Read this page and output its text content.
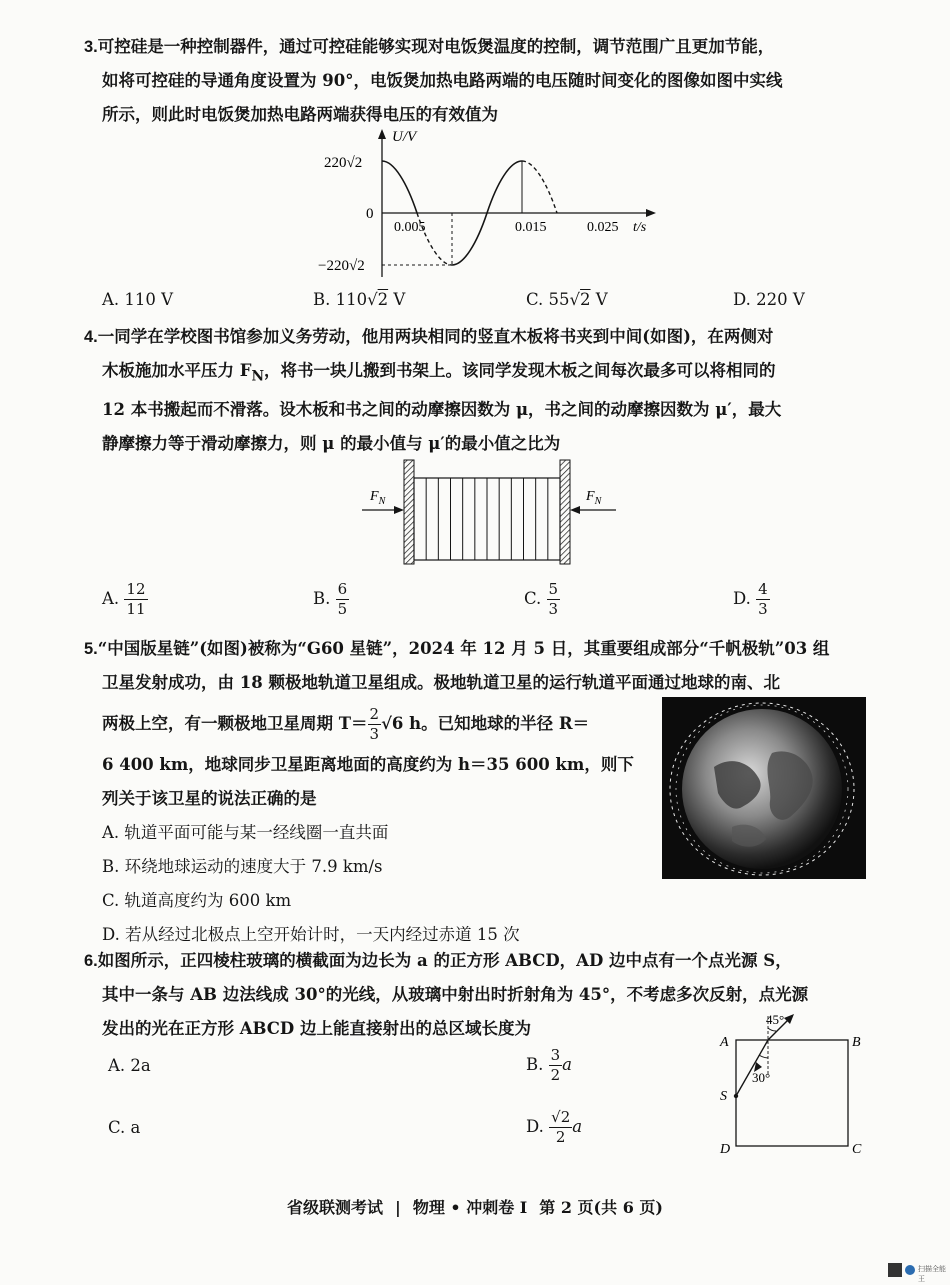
3.可控硅是一种控制器件，通过可控硅能够实现对电饭煲温度的控制，调节范围广且更加节能，
如将可控硅的导通角度设置为 90°，电饭煲加热电路两端的电压随时间变化的图像如图中实线
所示，则此时电饭煲加热电路两端获得电压的有效值为
U/V
220√2
0
−220√2
0.005	0.015	0.025 t/s
A. 110 V	B. 110√2 V	C. 55√2 V	D. 220 V
4.一同学在学校图书馆参加义务劳动，他用两块相同的竖直木板将书夹到中间(如图)，在两侧对
木板施加水平压力 $F_N$，将书一块儿搬到书架上。该同学发现木板之间每次最多可以将相同的
12 本书搬起而不滑落。设木板和书之间的动摩擦因数为 μ，书之间的动摩擦因数为 μ′，最大
静摩擦力等于滑动摩擦力，则 μ 的最小值与 μ′的最小值之比为
$F_N$	$F_N$
A. $\frac{12}{11}$	B. $\frac{6}{5}$	C. $\frac{5}{3}$	D. $\frac{4}{3}$
5.“中国版星链”(如图)被称为“G60 星链”，2024 年 12 月 5 日，其重要组成部分“千帆极轨”03 组
卫星发射成功，由 18 颗极地轨道卫星组成。极地轨道卫星的运行轨道平面通过地球的南、北
两极上空，有一颗极地卫星周期 $T= \frac{2}{3} √6$ h。已知地球的半径 R＝
6 400 km，地球同步卫星距离地面的高度约为 h＝35 600 km，则下
列关于该卫星的说法正确的是
A. 轨道平面可能与某一经线圈一直共面
B. 环绕地球运动的速度大于 7.9 km/s
C. 轨道高度约为 600 km
D. 若从经过北极点上空开始计时，一天内经过赤道 15 次
6.如图所示，正四棱柱玻璃的横截面为边长为 a 的正方形 ABCD，AD 边中点有一个点光源 S，
其中一条与 AB 边法线成 30°的光线，从玻璃中射出时折射角为 45°，不考虑多次反射，点光源
发出的光在正方形 ABCD 边上能直接射出的总区域长度为
A. 2a	B. $\frac{3}{2}$ a
C. a	D. $\frac{√2}{2}$ a
A	B
C
D
S
45°
30°
省级联测考试 | 物理 • 冲刺卷 I 第 2 页(共 6 页)
扫描全能王
